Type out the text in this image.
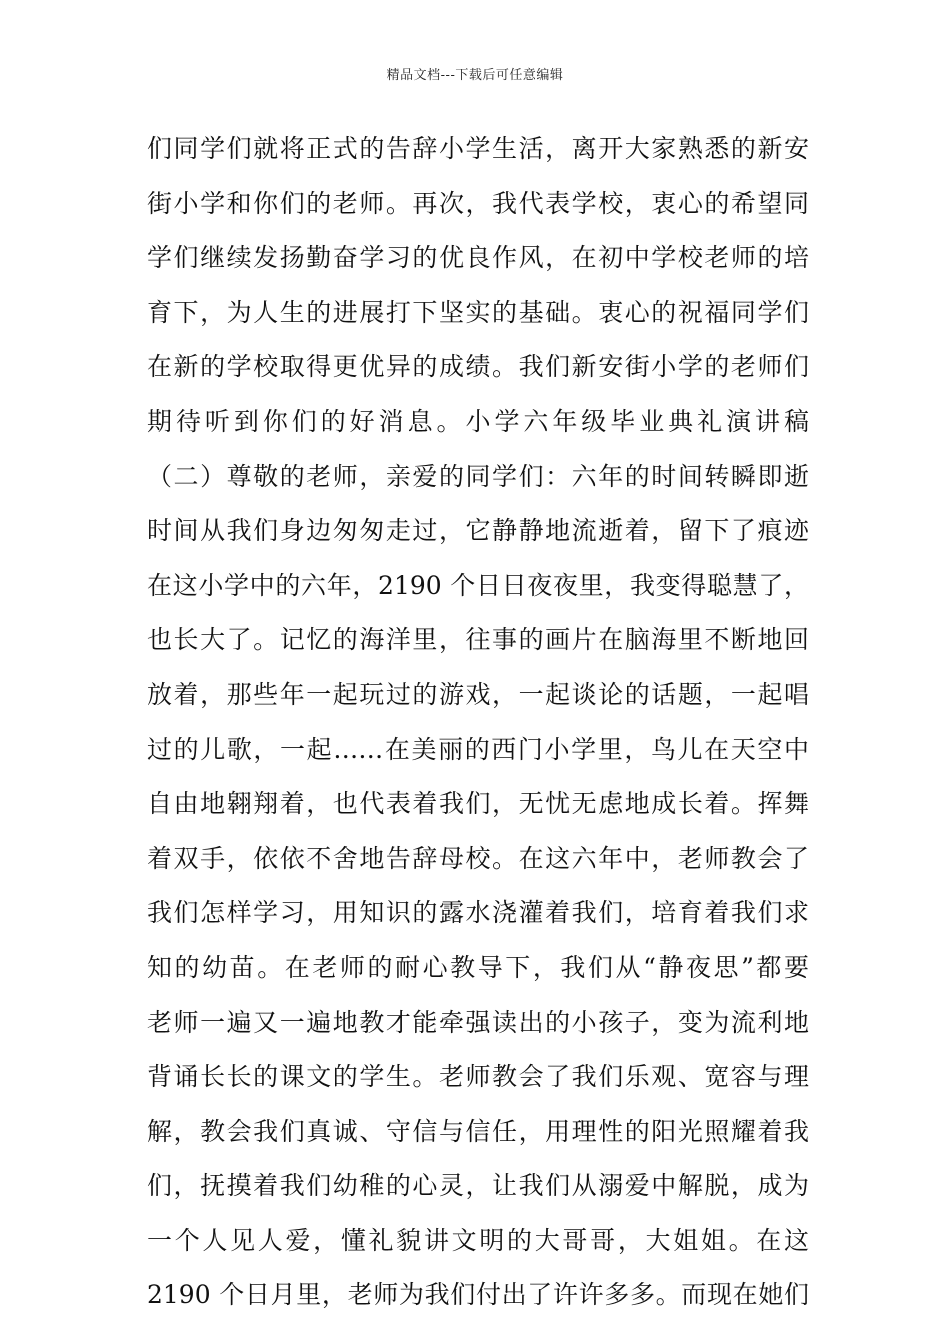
精品文档---下载后可任意编辑
们同学们就将正式的告辞小学生活，离开大家熟悉的新安
街小学和你们的老师。再次，我代表学校，衷心的希望同
学们继续发扬勤奋学习的优良作风，在初中学校老师的培
育下，为人生的进展打下坚实的基础。衷心的祝福同学们
在新的学校取得更优异的成绩。我们新安街小学的老师们
期待听到你们的好消息。小学六年级毕业典礼演讲稿
（二）尊敬的老师，亲爱的同学们：六年的时间转瞬即逝
时间从我们身边匆匆走过，它静静地流逝着，留下了痕迹
在这小学中的六年，2190 个日日夜夜里，我变得聪慧了，
也长大了。记忆的海洋里，往事的画片在脑海里不断地回
放着，那些年一起玩过的游戏，一起谈论的话题，一起唱
过的儿歌，一起……在美丽的西门小学里，鸟儿在天空中
自由地翱翔着，也代表着我们，无忧无虑地成长着。挥舞
着双手，依依不舍地告辞母校。在这六年中，老师教会了
我们怎样学习，用知识的露水浇灌着我们，培育着我们求
知的幼苗。在老师的耐心教导下，我们从“静夜思”都要
老师一遍又一遍地教才能牵强读出的小孩子，变为流利地
背诵长长的课文的学生。老师教会了我们乐观、宽容与理
解，教会我们真诚、守信与信任，用理性的阳光照耀着我
们，抚摸着我们幼稚的心灵，让我们从溺爱中解脱，成为
一个人见人爱，懂礼貌讲文明的大哥哥，大姐姐。在这
2190 个日月里，老师为我们付出了许许多多。而现在她们
